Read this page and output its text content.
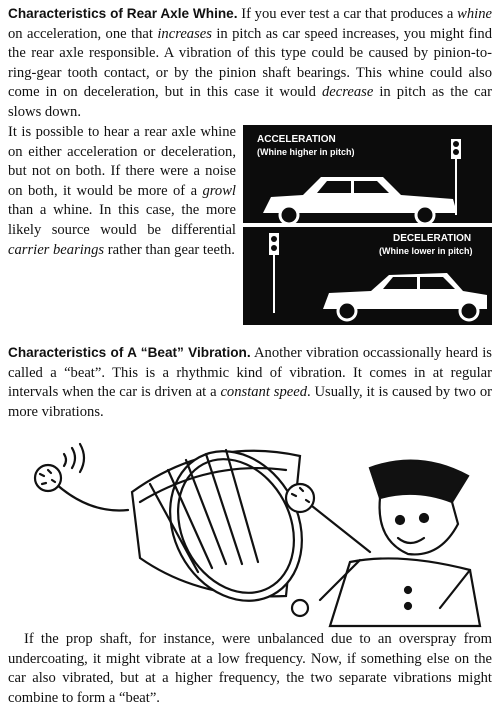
Characteristics of Rear Axle Whine. If you ever test a car that produces a whine on acceleration, one that increases in pitch as car speed increases, you might find the rear axle responsible. A vibration of this type could be caused by pinion-to-ring-gear tooth contact, or by the pinion shaft bearings. This whine could also come in on deceleration, but in this case it would decrease in pitch as the car slows down.

It is possible to hear a rear axle whine on either acceleration or deceleration, but not on both. If there were a noise on both, it would be more of a growl than a whine. In this case, the more likely source would be differential carrier bearings rather than gear teeth.

ACCELERATION
(Whine higher in pitch)
DECELERATION
(Whine lower in pitch)

Characteristics of A “Beat” Vibration. Another vibration occassionally heard is called a “beat”. This is a rhythmic kind of vibration. It comes in at regular intervals when the car is driven at a constant speed. Usually, it is caused by two or more vibrations.

If the prop shaft, for instance, were unbalanced due to an overspray from undercoating, it might vibrate at a low frequency. Now, if something else on the car also vibrated, but at a higher frequency, the two separate vibrations might combine to form a “beat”.
